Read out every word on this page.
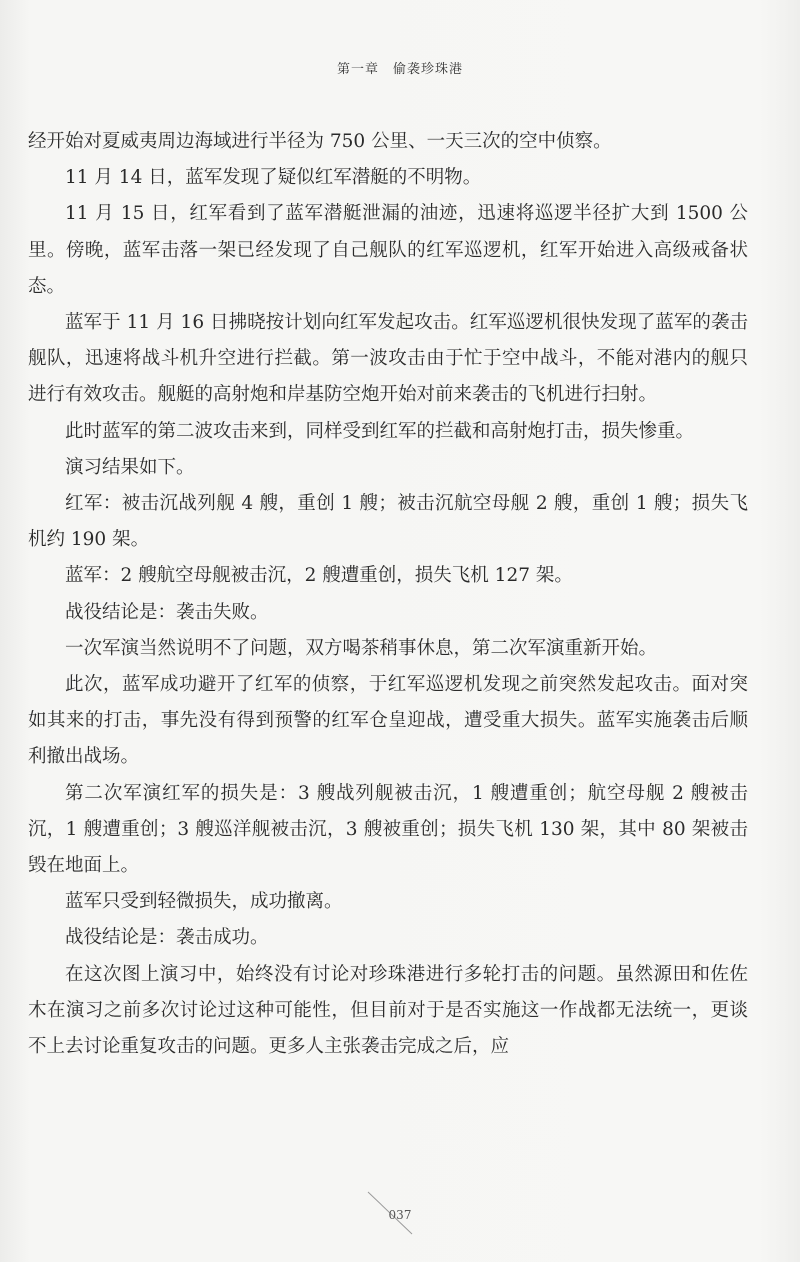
第一章　偷袭珍珠港

经开始对夏威夷周边海域进行半径为 750 公里、一天三次的空中侦察。

11 月 14 日，蓝军发现了疑似红军潜艇的不明物。

11 月 15 日，红军看到了蓝军潜艇泄漏的油迹，迅速将巡逻半径扩大到 1500 公里。傍晚，蓝军击落一架已经发现了自己舰队的红军巡逻机，红军开始进入高级戒备状态。

蓝军于 11 月 16 日拂晓按计划向红军发起攻击。红军巡逻机很快发现了蓝军的袭击舰队，迅速将战斗机升空进行拦截。第一波攻击由于忙于空中战斗，不能对港内的舰只进行有效攻击。舰艇的高射炮和岸基防空炮开始对前来袭击的飞机进行扫射。

此时蓝军的第二波攻击来到，同样受到红军的拦截和高射炮打击，损失惨重。

演习结果如下。

红军：被击沉战列舰 4 艘，重创 1 艘；被击沉航空母舰 2 艘，重创 1 艘；损失飞机约 190 架。

蓝军：2 艘航空母舰被击沉，2 艘遭重创，损失飞机 127 架。

战役结论是：袭击失败。

一次军演当然说明不了问题，双方喝茶稍事休息，第二次军演重新开始。

此次，蓝军成功避开了红军的侦察，于红军巡逻机发现之前突然发起攻击。面对突如其来的打击，事先没有得到预警的红军仓皇迎战，遭受重大损失。蓝军实施袭击后顺利撤出战场。

第二次军演红军的损失是：3 艘战列舰被击沉，1 艘遭重创；航空母舰 2 艘被击沉，1 艘遭重创；3 艘巡洋舰被击沉，3 艘被重创；损失飞机 130 架，其中 80 架被击毁在地面上。

蓝军只受到轻微损失，成功撤离。

战役结论是：袭击成功。

在这次图上演习中，始终没有讨论对珍珠港进行多轮打击的问题。虽然源田和佐佐木在演习之前多次讨论过这种可能性，但目前对于是否实施这一作战都无法统一，更谈不上去讨论重复攻击的问题。更多人主张袭击完成之后，应

037
